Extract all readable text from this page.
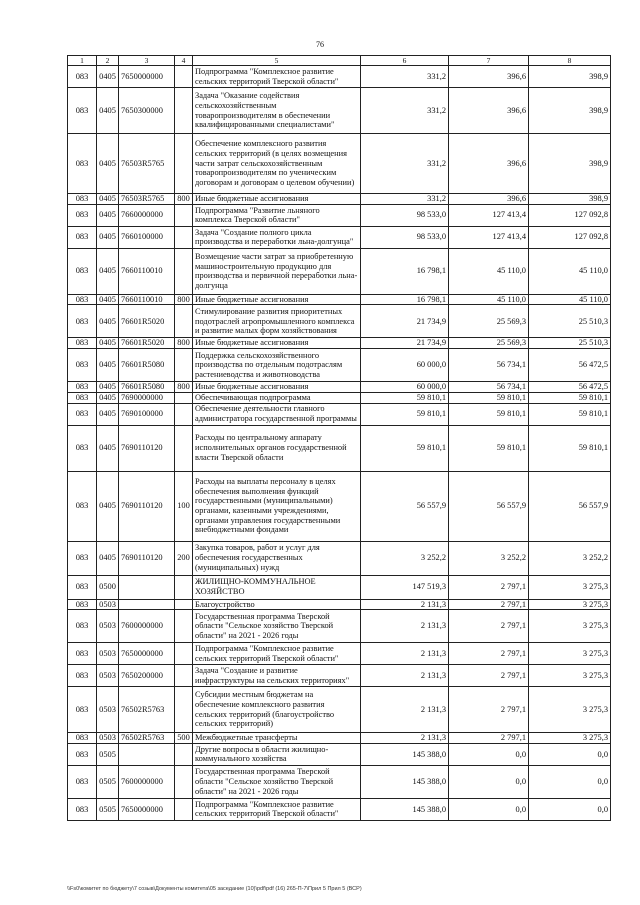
76
1	2	3	4	5	6	7	8
083	0405	7650000000		Подпрограмма "Комплексное развитие сельских территорий Тверской области"	331,2	396,6	398,9
083	0405	7650300000		Задача "Оказание содействия сельскохозяйственным товаропроизводителям в обеспечении квалифицированными специалистами"	331,2	396,6	398,9
083	0405	76503R5765		Обеспечение комплексного развития сельских территорий (в целях возмещения части затрат сельскохозяйственным товаропроизводителям по ученическим договорам и договорам о целевом обучении)	331,2	396,6	398,9
083	0405	76503R5765	800	Иные бюджетные ассигнования	331,2	396,6	398,9
083	0405	7660000000		Подпрограмма "Развитие льняного комплекса Тверской области"	98 533,0	127 413,4	127 092,8
083	0405	7660100000		Задача "Создание полного цикла производства и переработки льна-долгунца"	98 533,0	127 413,4	127 092,8
083	0405	7660110010		Возмещение части затрат за приобретенную машиностроительную продукцию для производства и первичной переработки льна-долгунца	16 798,1	45 110,0	45 110,0
083	0405	7660110010	800	Иные бюджетные ассигнования	16 798,1	45 110,0	45 110,0
083	0405	76601R5020		Стимулирование развития приоритетных подотраслей агропромышленного комплекса и развитие малых форм хозяйствования	21 734,9	25 569,3	25 510,3
083	0405	76601R5020	800	Иные бюджетные ассигнования	21 734,9	25 569,3	25 510,3
083	0405	76601R5080		Поддержка сельскохозяйственного производства по отдельным подотраслям растениеводства и животноводства	60 000,0	56 734,1	56 472,5
083	0405	76601R5080	800	Иные бюджетные ассигнования	60 000,0	56 734,1	56 472,5
083	0405	7690000000		Обеспечивающая подпрограмма	59 810,1	59 810,1	59 810,1
083	0405	7690100000		Обеспечение деятельности главного администратора государственной программы	59 810,1	59 810,1	59 810,1
083	0405	7690110120		Расходы по центральному аппарату исполнительных органов государственной власти Тверской области	59 810,1	59 810,1	59 810,1
083	0405	7690110120	100	Расходы на выплаты персоналу в целях обеспечения выполнения функций государственными (муниципальными) органами, казенными учреждениями, органами управления государственными внебюджетными фондами	56 557,9	56 557,9	56 557,9
083	0405	7690110120	200	Закупка товаров, работ и услуг для обеспечения государственных (муниципальных) нужд	3 252,2	3 252,2	3 252,2
083	0500			ЖИЛИЩНО-КОММУНАЛЬНОЕ ХОЗЯЙСТВО	147 519,3	2 797,1	3 275,3
083	0503			Благоустройство	2 131,3	2 797,1	3 275,3
083	0503	7600000000		Государственная программа Тверской области "Сельское хозяйство Тверской области" на 2021 - 2026 годы	2 131,3	2 797,1	3 275,3
083	0503	7650000000		Подпрограмма "Комплексное развитие сельских территорий Тверской области"	2 131,3	2 797,1	3 275,3
083	0503	7650200000		Задача "Создание и развитие инфраструктуры на сельских территориях"	2 131,3	2 797,1	3 275,3
083	0503	76502R5763		Субсидии местным бюджетам на обеспечение комплексного развития сельских территорий (благоустройство сельских территорий)	2 131,3	2 797,1	3 275,3
083	0503	76502R5763	500	Межбюджетные трансферты	2 131,3	2 797,1	3 275,3
083	0505			Другие вопросы в области жилищно-коммунального хозяйства	145 388,0	0,0	0,0
083	0505	7600000000		Государственная программа Тверской области "Сельское хозяйство Тверской области" на 2021 - 2026 годы	145 388,0	0,0	0,0
083	0505	7650000000		Подпрограмма "Комплексное развитие сельских территорий Тверской области"	145 388,0	0,0	0,0
\\Fs0\комитет по бюджету\7 созыв\Документы комитета\05 заседание (10)\pdf\pdf (16) 265-П-7\Прил 5 Прил 5 (ВСР)
